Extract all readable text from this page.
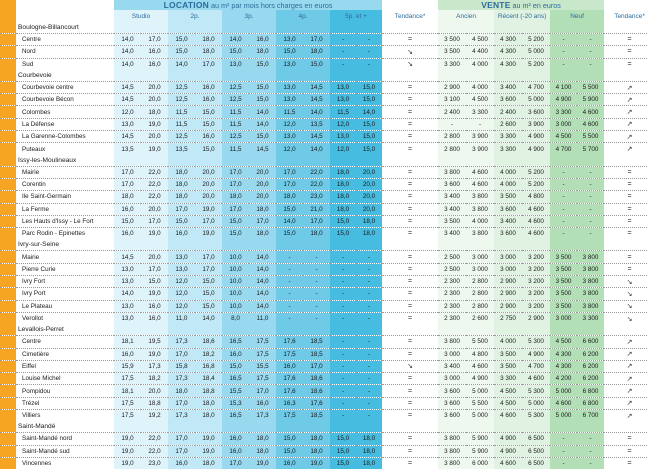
		LOCATION au m² par mois hors charges en euros											VENTE au m² en euros						
		Studio		2p.		3p.		4p.		5p. et +		Tendance*	Ancien		Récent (-20 ans)		Neuf		Tendance*
	Boulogne-Billancourt																		
	Centre	14,0	17,0	15,0	18,0	14,0	16,0	13,0	17,0	-	-	=	3 500	4 500	4 300	5 200	-	-	=
	Nord	14,0	16,0	15,0	18,0	15,0	18,0	15,0	18,0	-	-	↘	3 500	4 400	4 300	5 000	-	-	=
	Sud	14,0	16,0	14,0	17,0	13,0	15,0	13,0	15,0	-	-	↘	3 300	4 000	4 300	5 200	-	-	=
	Courbevoie																		
	Courbevoie centre	14,5	20,0	12,5	16,0	12,5	15,0	13,0	14,5	13,0	15,0	=	2 900	4 000	3 400	4 700	4 100	5 500	↗
	Courbevoie Bécon	14,5	20,0	12,5	16,0	12,5	15,0	13,0	14,5	13,0	15,0	=	3 100	4 500	3 600	5 000	4 900	5 900	↗
	Colombes	12,0	18,0	11,5	15,0	11,5	14,0	11,5	14,0	11,5	14,0	=	2 400	3 300	2 400	3 600	3 300	4 600	↗
	La Défense	13,0	19,0	11,5	15,0	11,5	14,0	12,0	13,5	12,0	15,0	=	-	-	2 600	3 900	3 000	4 600	↗
	La Garenne-Colombes	14,5	20,0	12,5	16,0	12,5	15,0	13,0	14,5	13,0	15,0	=	2 800	3 900	3 300	4 900	4 500	5 500	↗
	Puteaux	13,5	19,0	13,5	15,0	11,5	14,5	12,0	14,0	12,0	15,0	=	2 800	3 900	3 300	4 900	4 700	5 700	↗
	Issy-les-Moulineaux																		
	Mairie	17,0	22,0	18,0	20,0	17,0	20,0	17,0	22,0	18,0	20,0	=	3 800	4 600	4 000	5 200	-	-	=
	Corentin	17,0	22,0	18,0	20,0	17,0	20,0	17,0	22,0	18,0	20,0	=	3 600	4 600	4 000	5 200	-	-	=
	Ile Saint-Germain	18,0	22,0	18,0	20,0	18,0	20,0	18,0	23,0	18,0	20,0	=	3 400	3 800	3 500	4 800	-	-	=
	La Ferme	16,0	20,0	17,0	19,0	17,0	18,0	15,0	21,0	18,0	20,0	=	3 400	3 800	3 600	4 600	-	-	=
	Les Hauts d'Issy - Le Fort	15,0	17,0	15,0	17,0	15,0	17,0	14,0	17,0	15,0	18,0	=	3 500	4 000	3 400	4 600	-	-	=
	Parc Rodin - Epinettes	16,0	19,0	16,0	19,0	15,0	18,0	15,0	18,0	15,0	18,0	=	3 400	3 800	3 600	4 600	-	-	=
	Ivry-sur-Seine																		
	Mairie	14,5	20,0	13,0	17,0	10,0	14,0	-	-	-	-	=	2 500	3 000	3 000	3 200	3 500	3 800	=
	Pierre Curie	13,0	17,0	13,0	17,0	10,0	14,0	-	-	-	-	=	2 500	3 000	3 000	3 200	3 500	3 800	=
	Ivry Fort	13,0	15,0	12,0	15,0	10,0	14,0	-	-	-	-	=	2 300	2 800	2 900	3 200	3 500	3 800	↘
	Ivry Port	14,0	19,0	12,0	15,0	10,0	14,0	-	-	-	-	=	2 300	2 800	2 900	3 200	3 500	3 800	↘
	Le Plateau	13,0	16,0	12,0	15,0	10,0	14,0	-	-	-	-	=	2 300	2 800	2 900	3 200	3 500	3 800	↘
	Verollot	13,0	16,0	11,0	14,0	8,0	11,0	-	-	-	-	=	2 300	2 600	2 750	2 900	3 000	3 300	↘
	Levallois-Perret																		
	Centre	18,1	19,5	17,3	18,6	16,5	17,5	17,6	18,5	-	-	=	3 800	5 500	4 000	5 300	4 500	6 600	↗
	Cimetière	16,0	19,0	17,0	18,2	16,0	17,5	17,5	18,5	-	-	=	3 000	4 800	3 500	4 900	4 300	6 200	↗
	Eiffel	15,9	17,3	15,8	16,8	15,0	15,5	16,0	17,0	-	-	↘	3 400	4 600	3 500	4 700	4 300	6 200	↗
	Louise Michel	17,5	18,2	17,3	18,4	16,5	17,5	17,6	18,6	-	-	=	3 000	4 900	3 300	4 600	4 200	6 200	↗
	Pompidou	18,1	20,0	18,0	18,8	15,5	17,0	17,6	18,6	-	-	=	3 600	5 000	4 500	5 300	5 000	6 800	↗
	Trézel	17,5	18,8	17,0	18,0	15,3	16,0	16,3	17,6	-	-	=	3 600	5 500	4 500	5 000	4 600	6 800	↗
	Villiers	17,5	19,2	17,3	18,0	16,5	17,3	17,5	18,5	-	-	=	3 600	5 000	4 600	5 300	5 000	6 700	↗
	Saint-Mandé																		
	Saint-Mandé nord	19,0	22,0	17,0	19,0	16,0	18,0	15,0	18,0	15,0	18,0	=	3 800	5 900	4 900	6 500	-	-	=
	Saint-Mandé sud	19,0	22,0	17,0	19,0	16,0	18,0	15,0	18,0	15,0	18,0	=	3 800	5 900	4 900	6 500	-	-	=
	Vincennes	19,0	23,0	16,0	18,0	17,0	19,0	16,0	19,0	15,0	18,0	=	3 800	6 000	4 600	6 500	-	-	=
